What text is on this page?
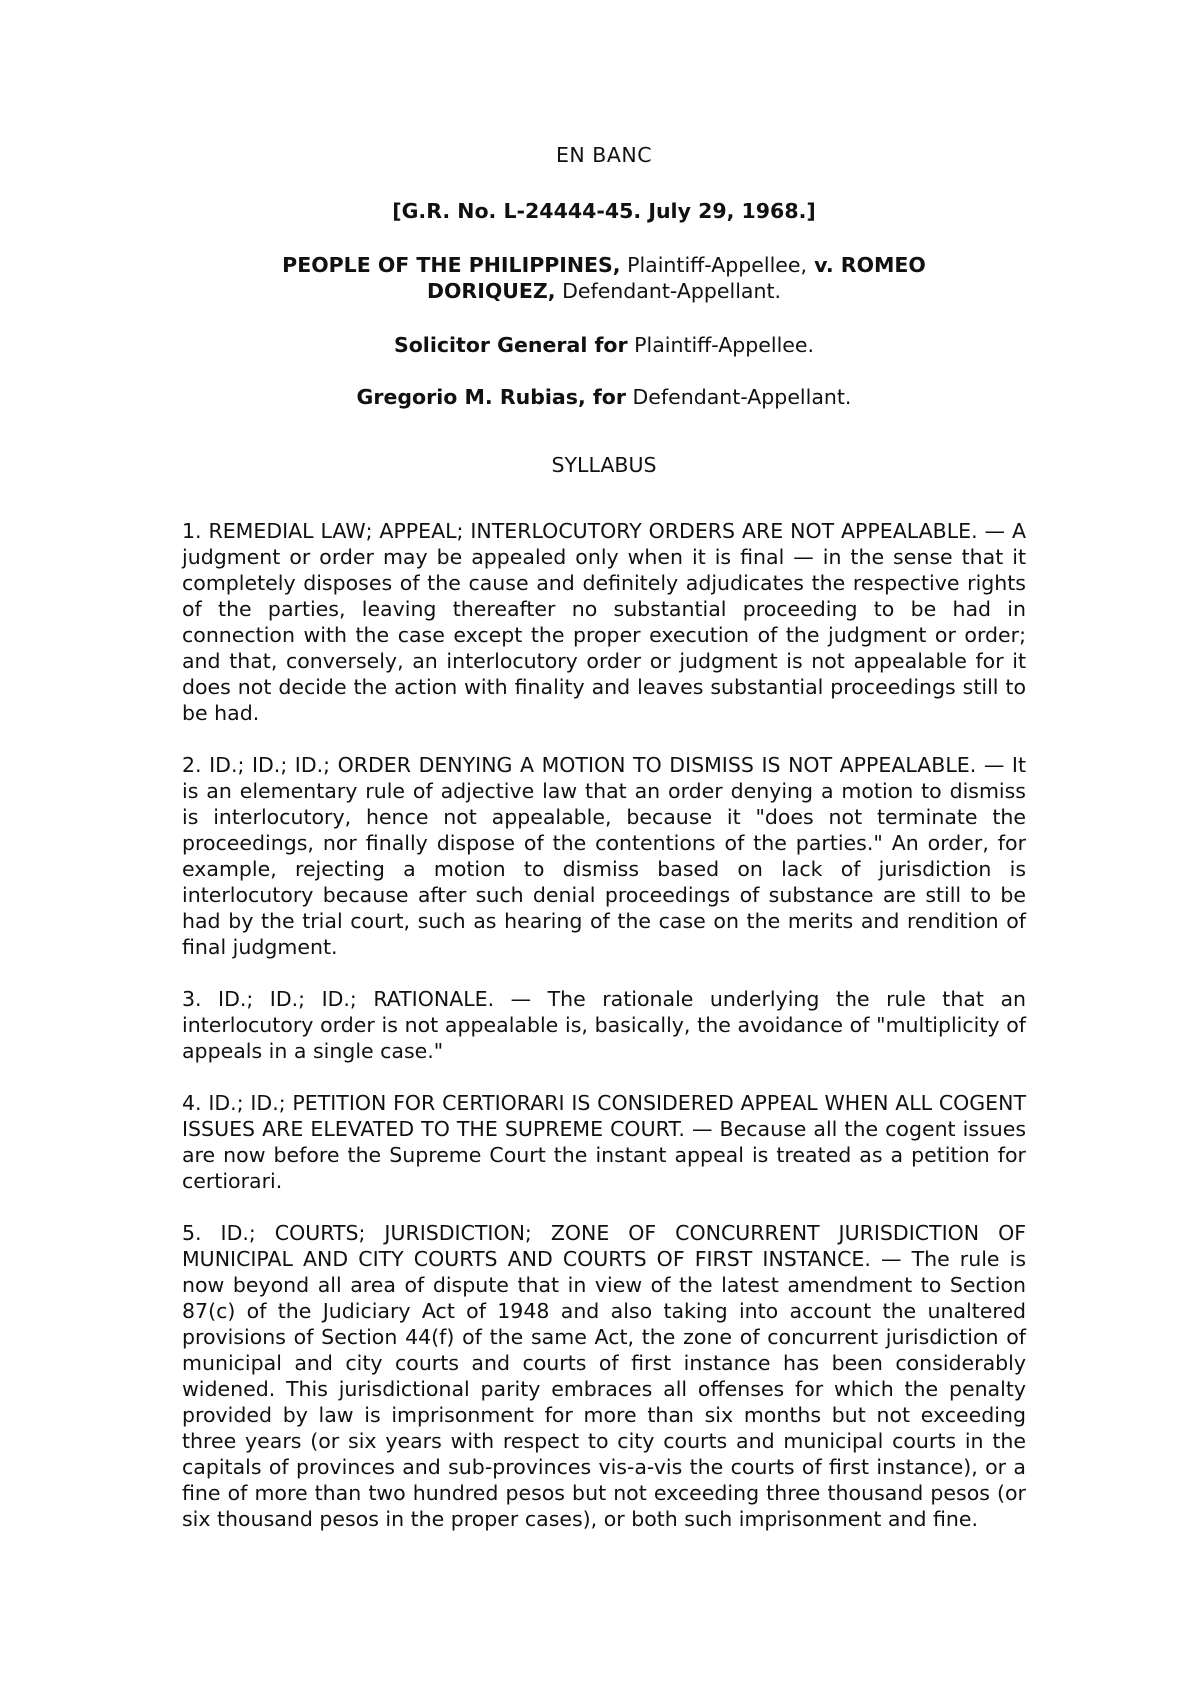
EN BANC
[G.R. No. L-24444-45. July 29, 1968.]
PEOPLE OF THE PHILIPPINES, Plaintiff-Appellee, v. ROMEO DORIQUEZ, Defendant-Appellant.
Solicitor General for Plaintiff-Appellee.
Gregorio M. Rubias, for Defendant-Appellant.
SYLLABUS

1. REMEDIAL LAW; APPEAL; INTERLOCUTORY ORDERS ARE NOT APPEALABLE. — A judgment or order may be appealed only when it is final — in the sense that it completely disposes of the cause and definitely adjudicates the respective rights of the parties, leaving thereafter no substantial proceeding to be had in connection with the case except the proper execution of the judgment or order; and that, conversely, an interlocutory order or judgment is not appealable for it does not decide the action with finality and leaves substantial proceedings still to be had.

2. ID.; ID.; ID.; ORDER DENYING A MOTION TO DISMISS IS NOT APPEALABLE. — It is an elementary rule of adjective law that an order denying a motion to dismiss is interlocutory, hence not appealable, because it "does not terminate the proceedings, nor finally dispose of the contentions of the parties." An order, for example, rejecting a motion to dismiss based on lack of jurisdiction is interlocutory because after such denial proceedings of substance are still to be had by the trial court, such as hearing of the case on the merits and rendition of final judgment.

3. ID.; ID.; ID.; RATIONALE. — The rationale underlying the rule that an interlocutory order is not appealable is, basically, the avoidance of "multiplicity of appeals in a single case."

4. ID.; ID.; PETITION FOR CERTIORARI IS CONSIDERED APPEAL WHEN ALL COGENT ISSUES ARE ELEVATED TO THE SUPREME COURT. — Because all the cogent issues are now before the Supreme Court the instant appeal is treated as a petition for certiorari.

5. ID.; COURTS; JURISDICTION; ZONE OF CONCURRENT JURISDICTION OF MUNICIPAL AND CITY COURTS AND COURTS OF FIRST INSTANCE. — The rule is now beyond all area of dispute that in view of the latest amendment to Section 87(c) of the Judiciary Act of 1948 and also taking into account the unaltered provisions of Section 44(f) of the same Act, the zone of concurrent jurisdiction of municipal and city courts and courts of first instance has been considerably widened. This jurisdictional parity embraces all offenses for which the penalty provided by law is imprisonment for more than six months but not exceeding three years (or six years with respect to city courts and municipal courts in the capitals of provinces and sub-provinces vis-a-vis the courts of first instance), or a fine of more than two hundred pesos but not exceeding three thousand pesos (or six thousand pesos in the proper cases), or both such imprisonment and fine.
